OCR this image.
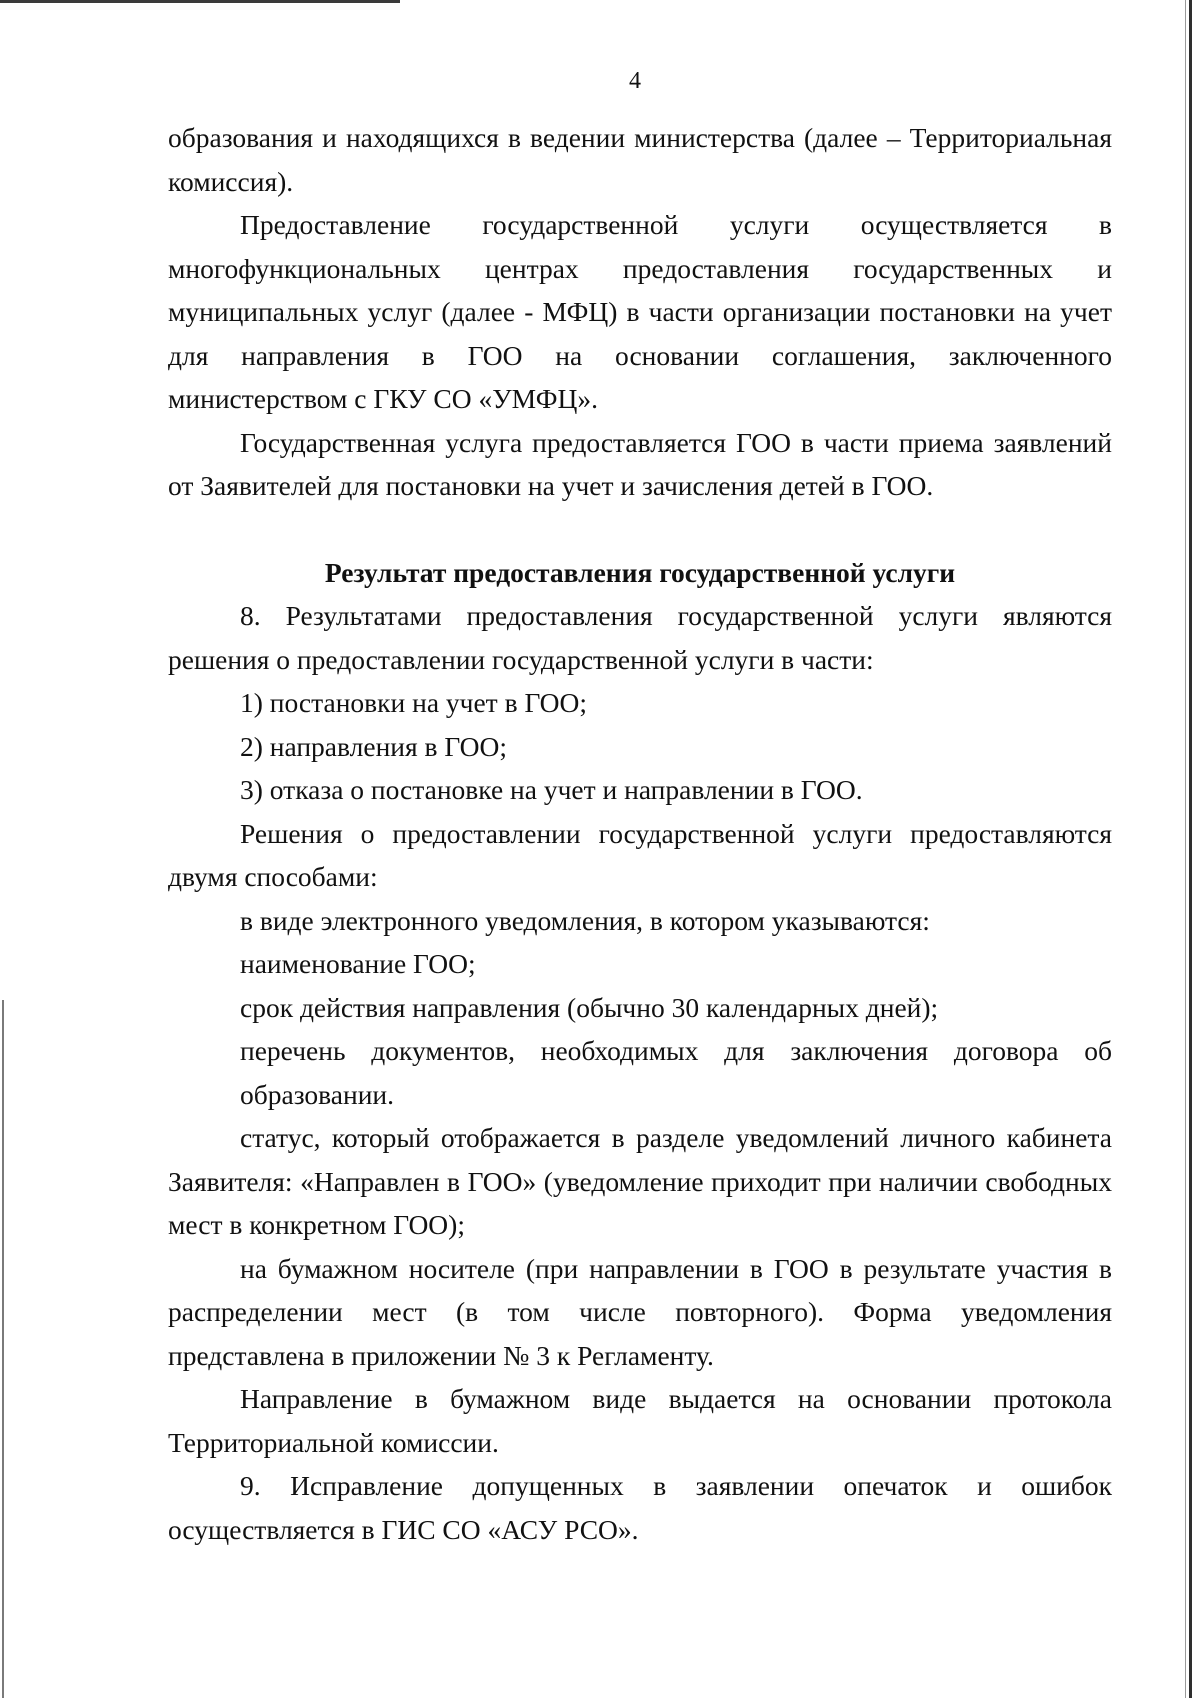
4

образования и находящихся в ведении министерства (далее – Территориальная комиссия).

Предоставление государственной услуги осуществляется в многофункциональных центрах предоставления государственных и муниципальных услуг (далее - МФЦ) в части организации постановки на учет для направления в ГОО на основании соглашения, заключенного министерством с ГКУ СО «УМФЦ».

Государственная услуга предоставляется ГОО в части приема заявлений от Заявителей для постановки на учет и зачисления детей в ГОО.

Результат предоставления государственной услуги

8. Результатами предоставления государственной услуги являются решения о предоставлении государственной услуги в части:

1) постановки на учет в ГОО;

2) направления в ГОО;

3) отказа о постановке на учет и направлении в ГОО.

Решения о предоставлении государственной услуги предоставляются двумя способами:

в виде электронного уведомления, в котором указываются:

наименование ГОО;

срок действия направления (обычно 30 календарных дней);

перечень документов, необходимых для заключения договора об образовании.

статус, который отображается в разделе уведомлений личного кабинета Заявителя: «Направлен в ГОО» (уведомление приходит при наличии свободных мест в конкретном ГОО);

на бумажном носителе (при направлении в ГОО в результате участия в распределении мест (в том числе повторного). Форма уведомления представлена в приложении № 3 к Регламенту.

Направление в бумажном виде выдается на основании протокола Территориальной комиссии.

9. Исправление допущенных в заявлении опечаток и ошибок осуществляется в ГИС СО «АСУ РСО».
